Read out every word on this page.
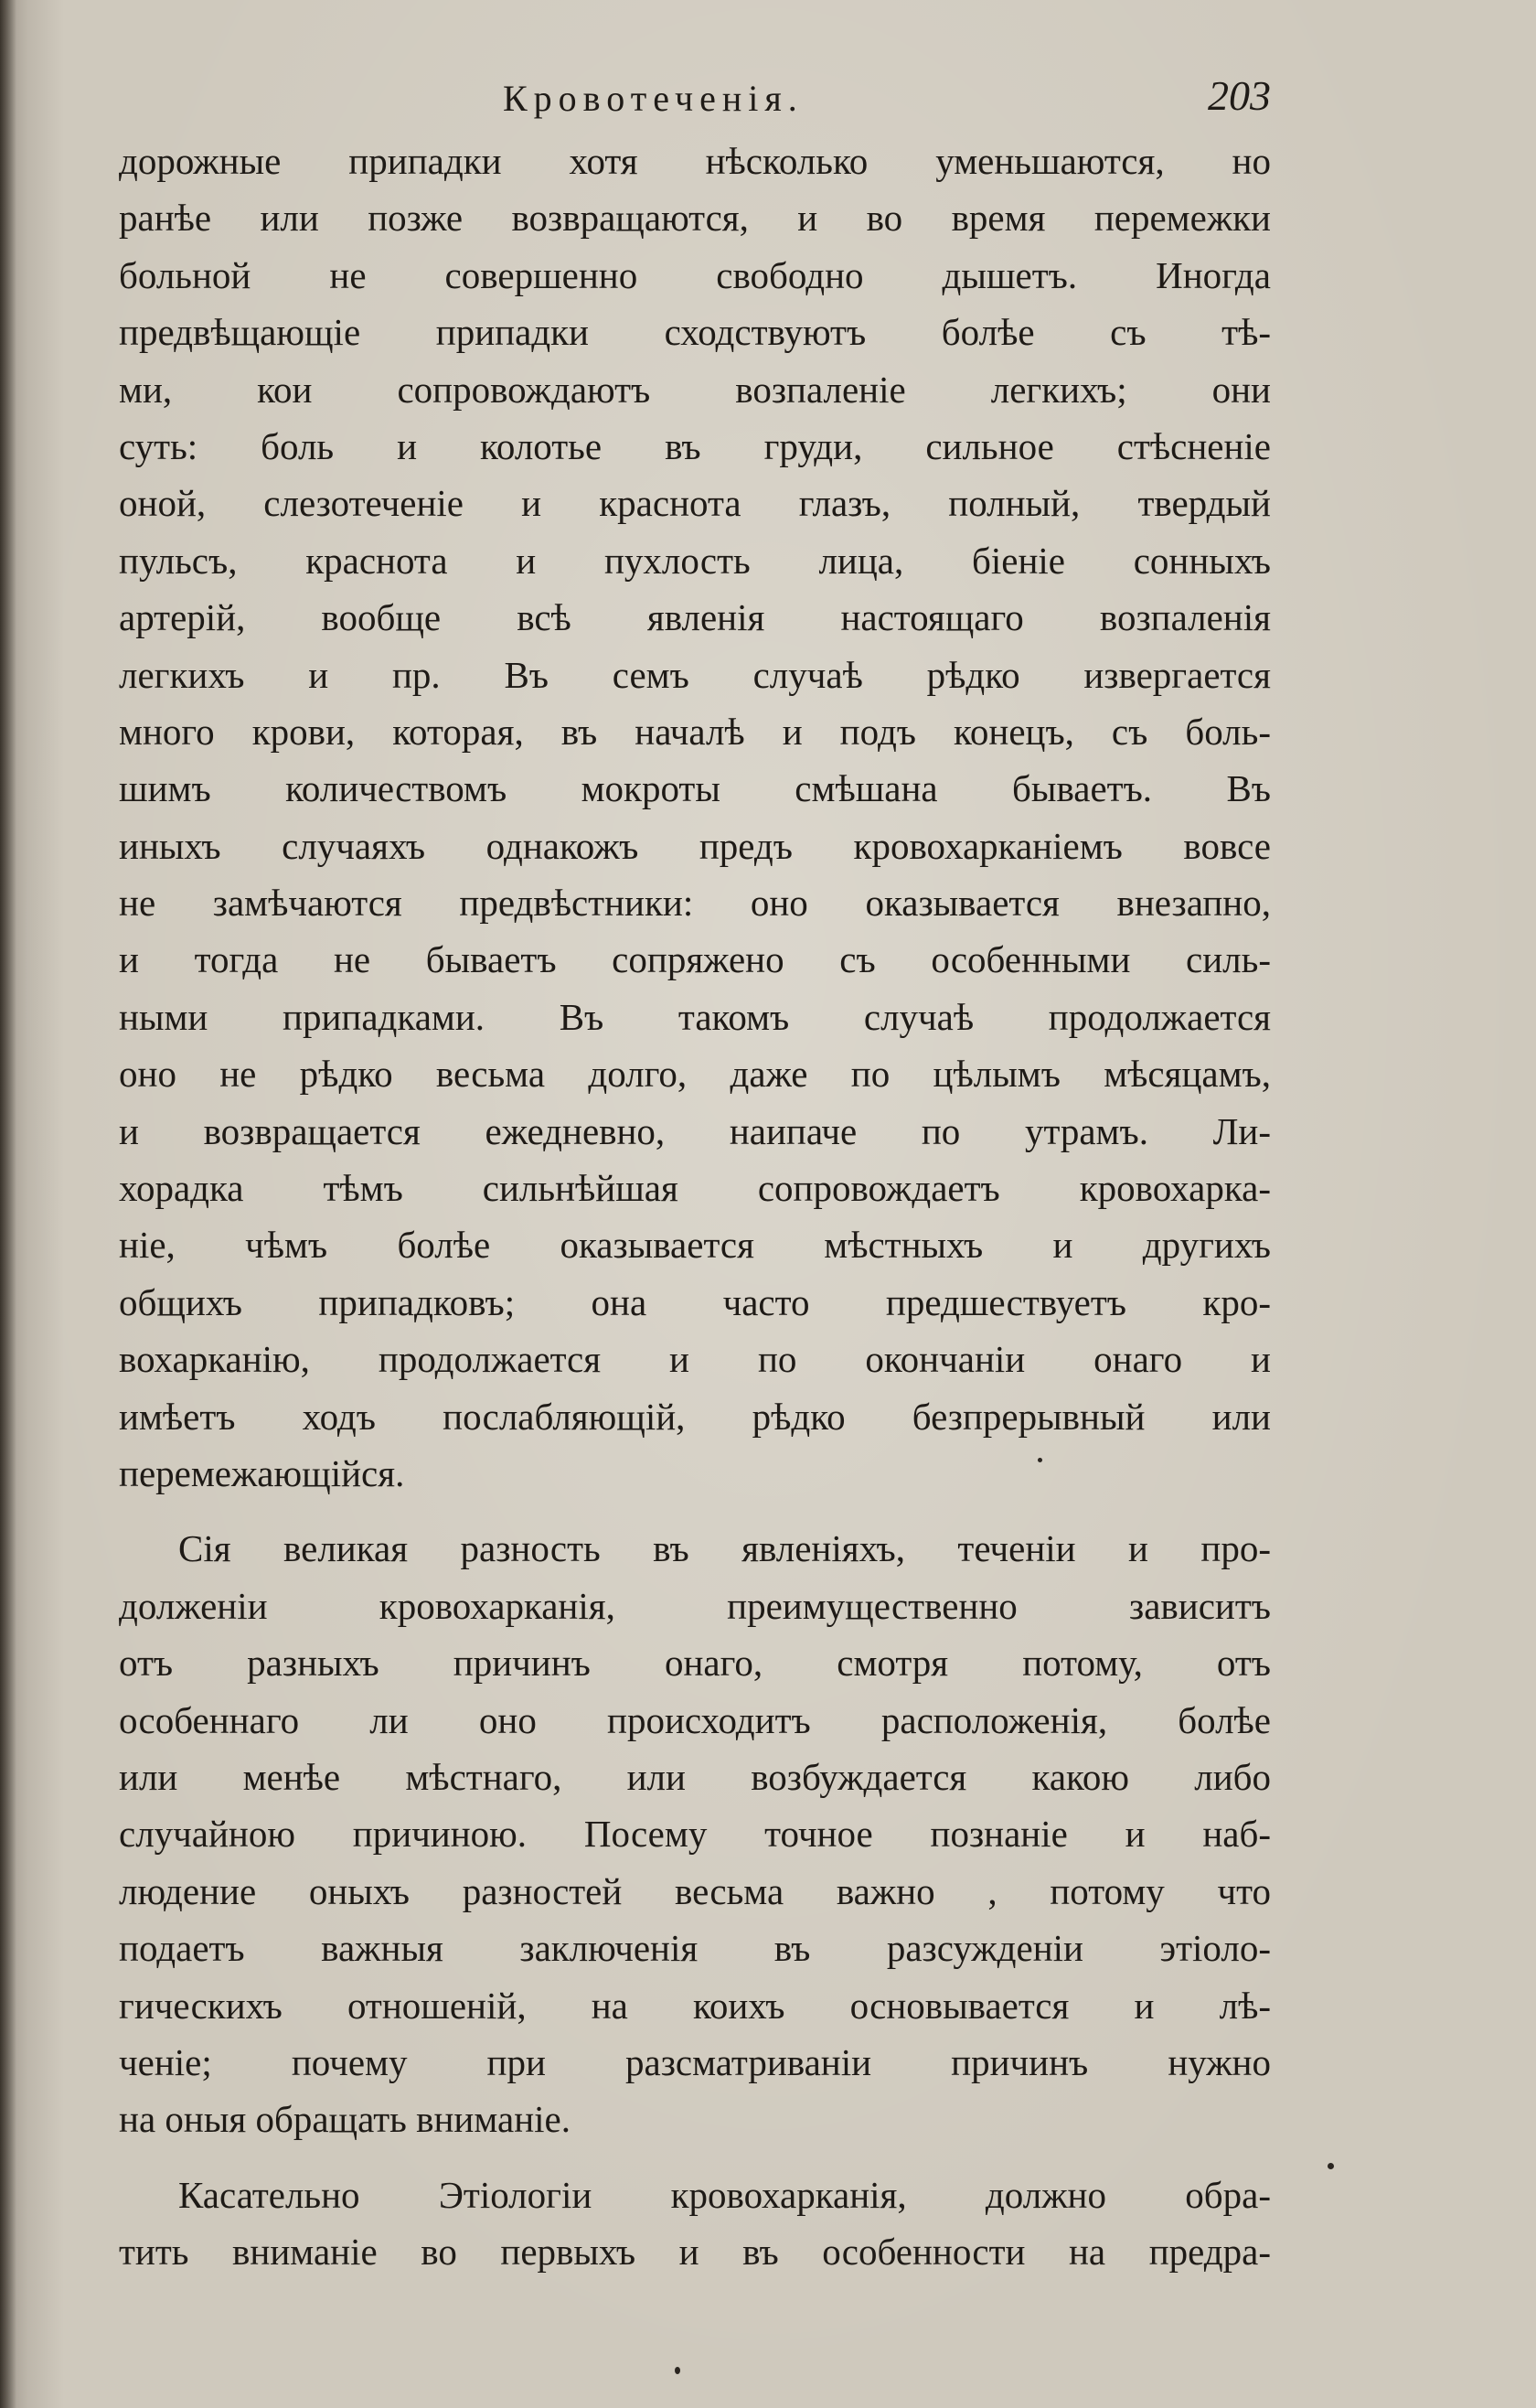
Кровотеченія.	203
дорожные припадки хотя нѣсколько уменьшаются, но
ранѣе или позже возвращаются, и во время перемежки
больной не совершенно свободно дышетъ. Иногда
предвѣщающіе припадки сходствуютъ болѣе съ тѣ-
ми, кои сопровождаютъ возпаленіе легкихъ; они
суть: боль и колотье въ груди, сильное стѣсненіе
оной, слезотеченіе и краснота глазъ, полный, твердый
пульсъ, краснота и пухлость лица, біеніе сонныхъ
артерій, вообще всѣ явленія настоящаго возпаленія
легкихъ и пр. Въ семъ случаѣ рѣдко извергается
много крови, которая, въ началѣ и подъ конецъ, съ боль-
шимъ количествомъ мокроты смѣшана бываетъ. Въ
иныхъ случаяхъ однакожъ предъ кровохарканіемъ вовсе
не замѣчаются предвѣстники: оно оказывается внезапно,
и тогда не бываетъ сопряжено съ особенными силь-
ными припадками. Въ такомъ случаѣ продолжается
оно не рѣдко весьма долго, даже по цѣлымъ мѣсяцамъ,
и возвращается ежедневно, наипаче по утрамъ. Ли-
хорадка тѣмъ сильнѣйшая сопровождаетъ кровохарка-
ніе, чѣмъ болѣе оказывается мѣстныхъ и другихъ
общихъ припадковъ; она часто предшествуетъ кро-
вохарканію, продолжается и по окончаніи онаго и
имѣетъ ходъ послабляющій, рѣдко безпрерывный или
перемежающійся.
Сія великая разность въ явленіяхъ, теченіи и про-
долженіи кровохарканія, преимущественно зависитъ
отъ разныхъ причинъ онаго, смотря потому, отъ
особеннаго ли оно происходитъ расположенія, болѣе
или менѣе мѣстнаго, или возбуждается какою либо
случайною причиною. Посему точное познаніе и наб-
людение оныхъ разностей весьма важно , потому что
подаетъ важныя заключенія въ разсужденіи этіоло-
гическихъ отношеній, на коихъ основывается и лѣ-
ченіе; почему при разсматриваніи причинъ нужно
на оныя обращать вниманіе.
Касательно Этіологіи кровохарканія, должно обра-
тить вниманіе во первыхъ и въ особенности на предра-
